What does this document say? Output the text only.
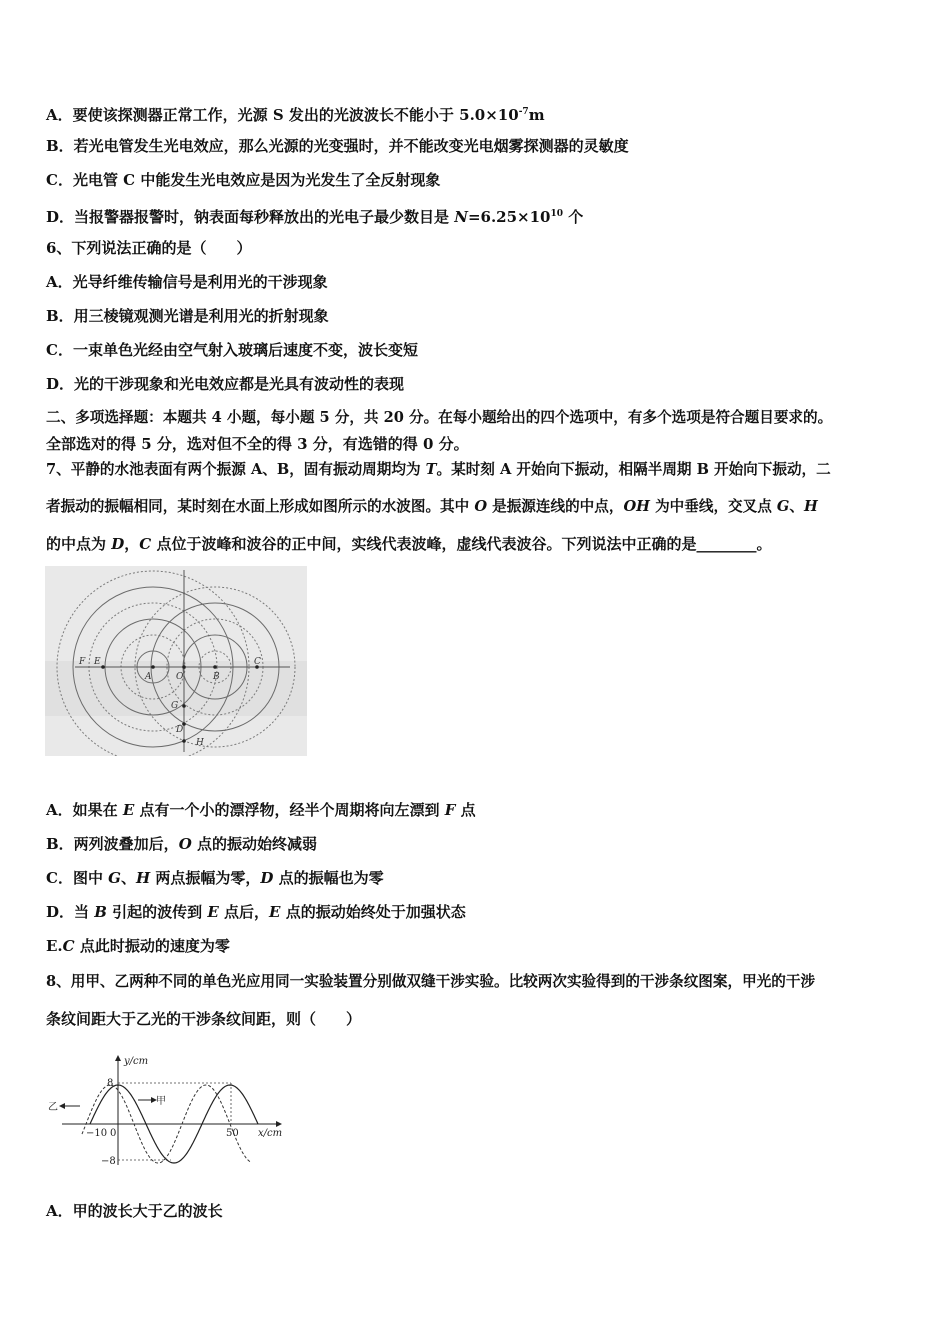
A．要使该探测器正常工作，光源 S 发出的光波波长不能小于 $5.0\times 10^{-7}m$
B．若光电管发生光电效应，那么光源的光变强时，并不能改变光电烟雾探测器的灵敏度
C．光电管 C 中能发生光电效应是因为光发生了全反射现象
D．当报警器报警时，钠表面每秒释放出的光电子最少数目是 $N=6.25\times 10^{10}$ 个
6、下列说法正确的是（　　）
A．光导纤维传输信号是利用光的干涉现象
B．用三棱镜观测光谱是利用光的折射现象
C．一束单色光经由空气射入玻璃后速度不变，波长变短
D．光的干涉现象和光电效应都是光具有波动性的表现
二、多项选择题：本题共 4 小题，每小题 5 分，共 20 分。在每小题给出的四个选项中，有多个选项是符合题目要求的。
全部选对的得 5 分，选对但不全的得 3 分，有选错的得 0 分。
7、平静的水池表面有两个振源 A、B，固有振动周期均为 T。某时刻 A 开始向下振动，相隔半周期 B 开始向下振动，二
者振动的振幅相同，某时刻在水面上形成如图所示的水波图。其中 O 是振源连线的中点，OH 为中垂线，交叉点 G、H
的中点为 D，C 点位于波峰和波谷的正中间，实线代表波峰，虚线代表波谷。下列说法中正确的是________。
F E
A	O	B
C
G
D
H
A．如果在 E 点有一个小的漂浮物，经半个周期将向左漂到 F 点
B．两列波叠加后，O 点的振动始终减弱
C．图中 G、H 两点振幅为零，D 点的振幅也为零
D．当 B 引起的波传到 E 点后，E 点的振动始终处于加强状态
E.C 点此时振动的速度为零
8、用甲、乙两种不同的单色光应用同一实验装置分别做双缝干涉实验。比较两次实验得到的干涉条纹图案，甲光的干涉
条纹间距大于乙光的干涉条纹间距，则（　　）
y/cm
x/cm
8
−8
−10 0	50
乙
甲
A．甲的波长大于乙的波长
